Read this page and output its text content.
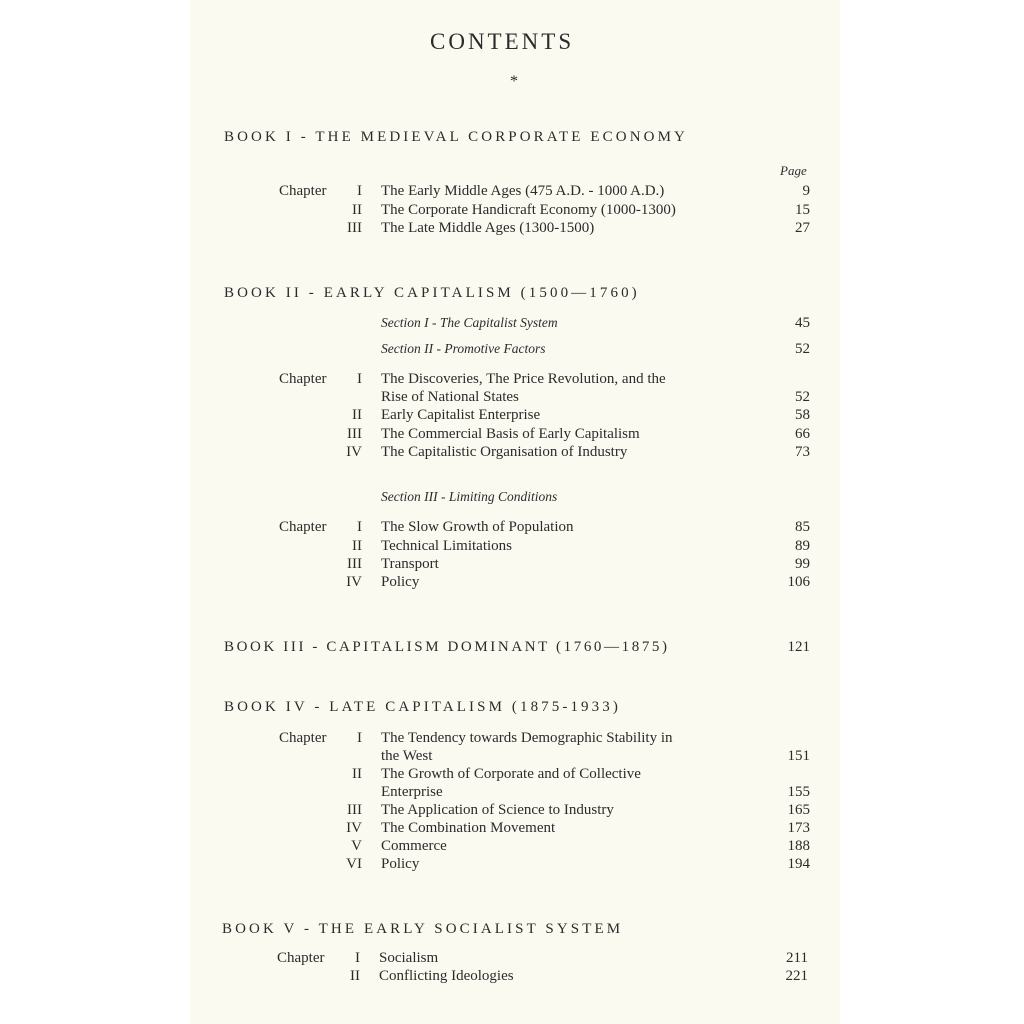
CONTENTS
*
BOOK I - THE MEDIEVAL CORPORATE ECONOMY
Page
Chapter	I The Early Middle Ages (475 A.D. - 1000 A.D.)	9
II The Corporate Handicraft Economy (1000-1300)	15
III The Late Middle Ages (1300-1500)	27
BOOK II - EARLY CAPITALISM (1500—1760)
Section I - The Capitalist System	45
Section II - Promotive Factors	52
Chapter	I The Discoveries, The Price Revolution, and the
Rise of National States	52
II Early Capitalist Enterprise	58
III The Commercial Basis of Early Capitalism	66
IV The Capitalistic Organisation of Industry	73
Section III - Limiting Conditions
Chapter	I The Slow Growth of Population	85
II Technical Limitations	89
III Transport	99
IV Policy	106
BOOK III - CAPITALISM DOMINANT (1760—1875)	121
BOOK IV - LATE CAPITALISM (1875-1933)
Chapter	I The Tendency towards Demographic Stability in
the West	151
II The Growth of Corporate and of Collective
Enterprise	155
III The Application of Science to Industry	165
IV The Combination Movement	173
V Commerce	188
VI Policy	194
BOOK V - THE EARLY SOCIALIST SYSTEM
Chapter	I Socialism	211
II Conflicting Ideologies	221
